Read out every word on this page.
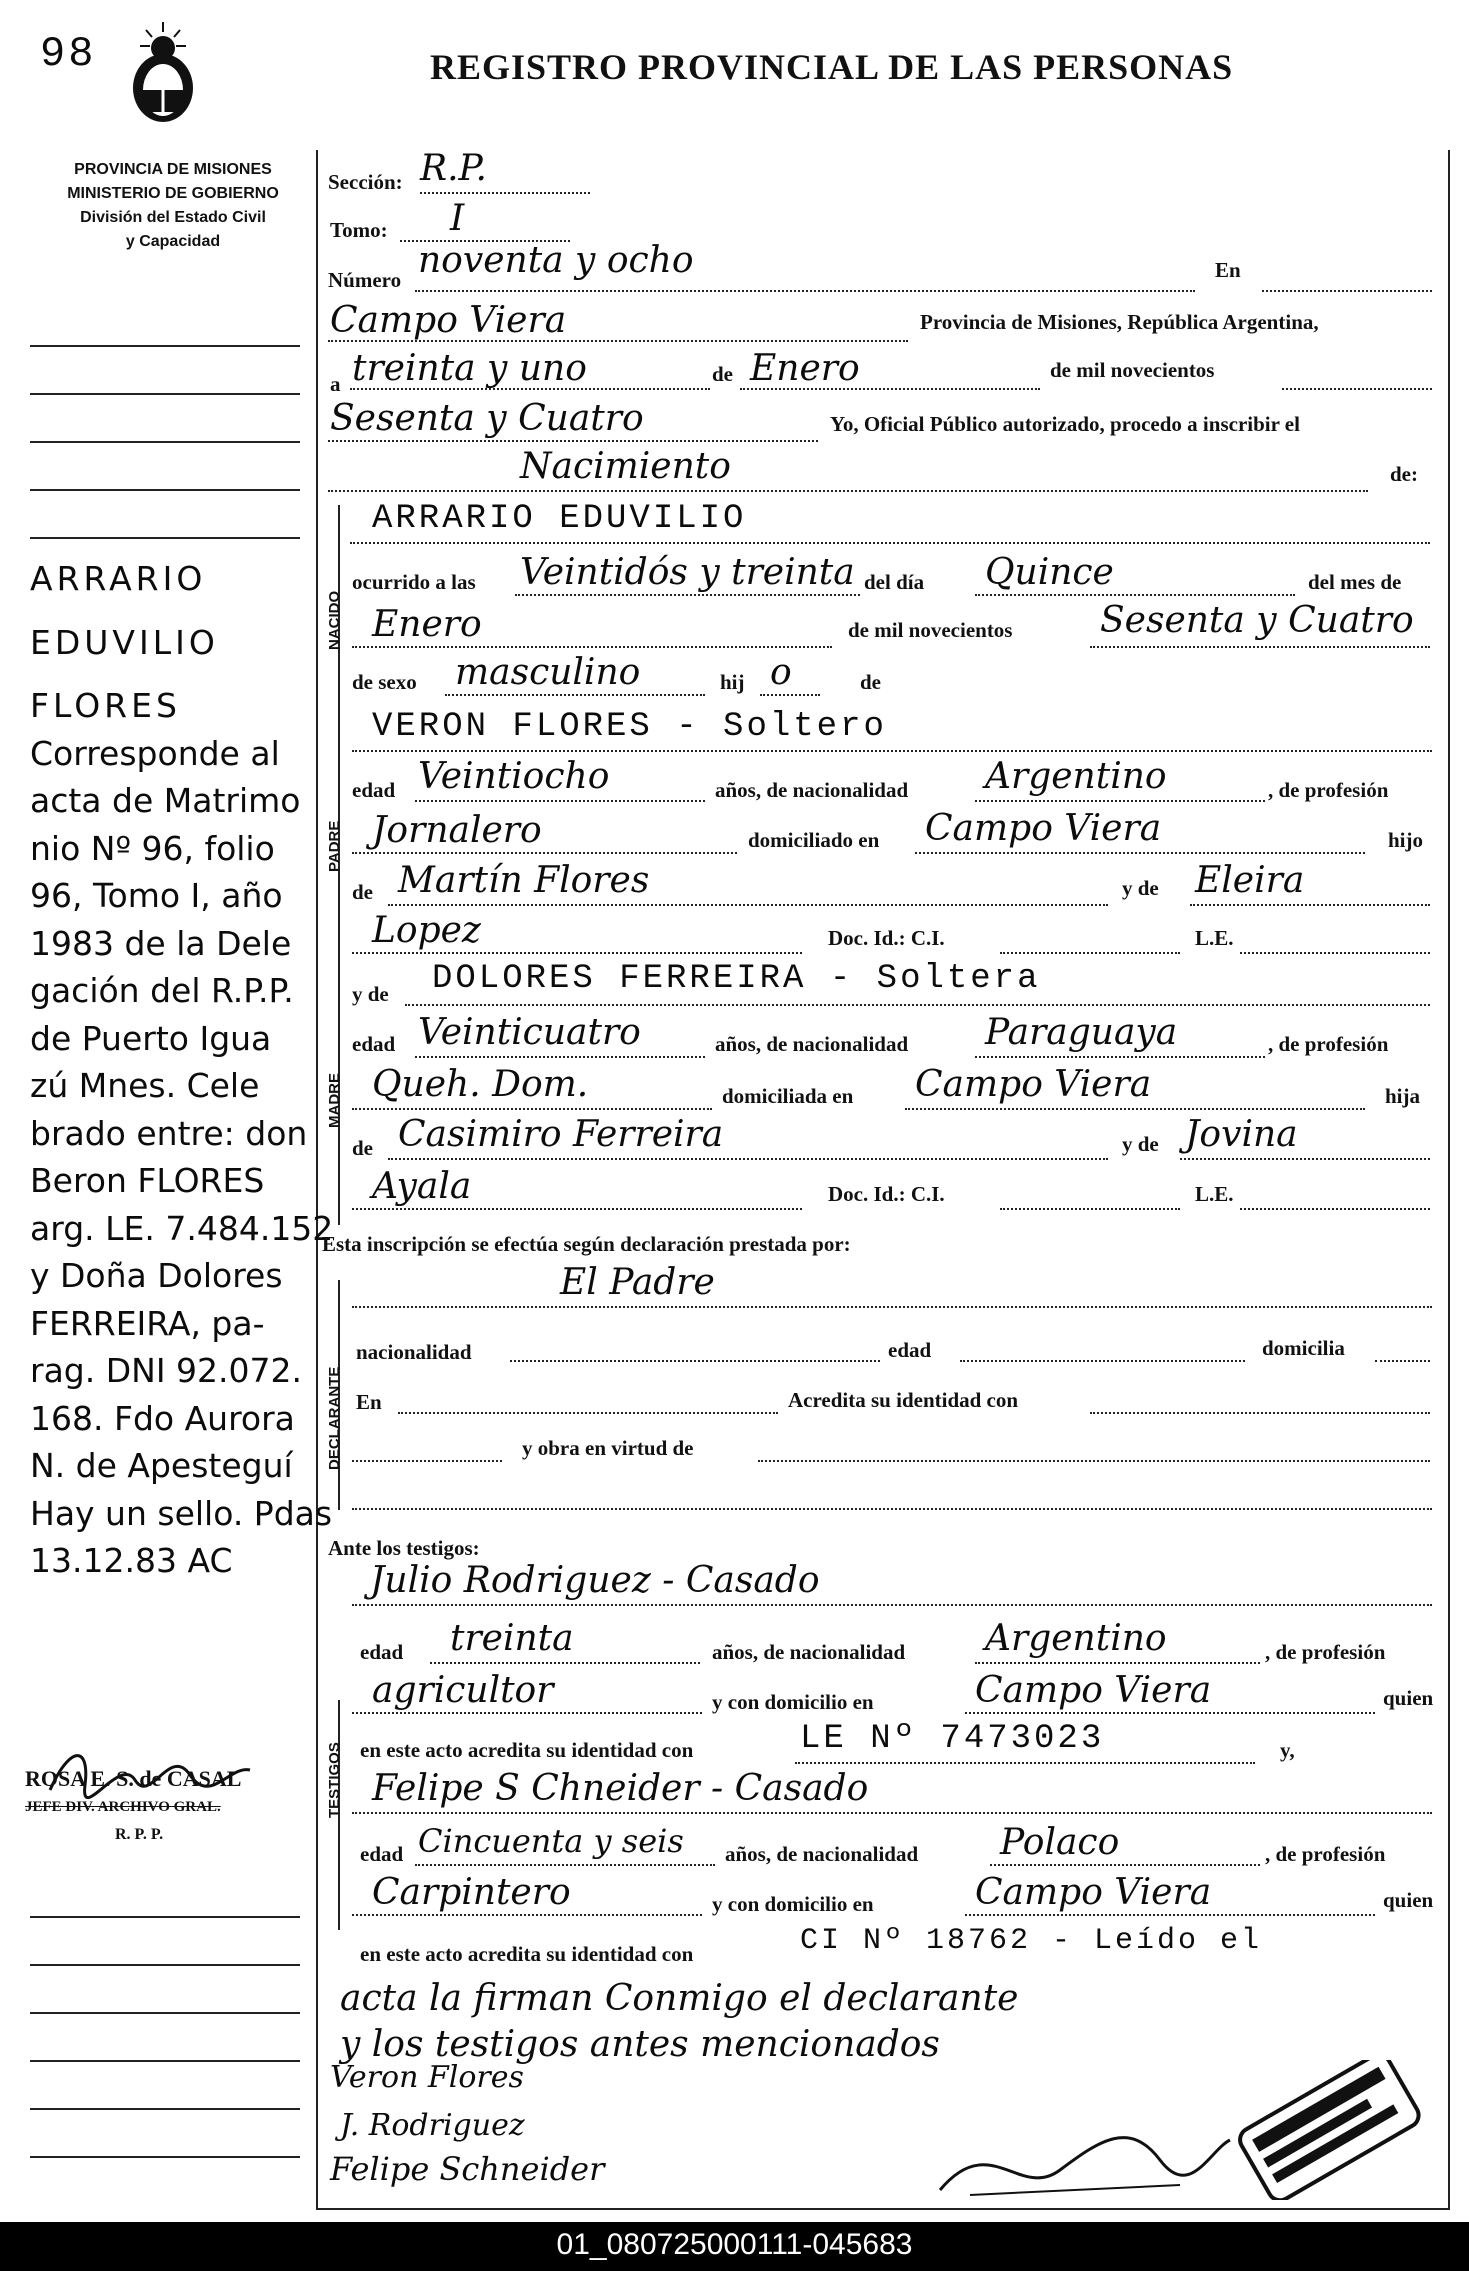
98	REGISTRO PROVINCIAL DE LAS PERSONAS
PROVINCIA DE MISIONES
MINISTERIO DE GOBIERNO
División del Estado Civil
y Capacidad
ARRARIO
EDUVILIO
FLORES
Corresponde al
acta de Matrimo
nio Nº 96, folio
96, Tomo I, año
1983 de la Dele
gación del R.P.P.
de Puerto Igua
zú Mnes. Cele
brado entre: don
Beron FLORES
arg. LE. 7.484.152
y Doña Dolores
FERREIRA, pa-
rag. DNI 92.072.
168. Fdo Aurora
N. de Apesteguí
Hay un sello. Pdas
13.12.83 AC
ROSA E. S. de CASAL
JEFE DIV. ARCHIVO GRAL.
R. P. P.
NACIDO
PADRE
MADRE
DECLARANTE
TESTIGOS
Sección: R.P.
Tomo: I
Número noventa y ocho	En
Campo Viera	Provincia de Misiones, República Argentina,
a treinta y uno	de Enero	de mil novecientos
Sesenta y Cuatro	Yo, Oficial Público autorizado, procedo a inscribir el
Nacimiento	de:
ARRARIO EDUVILIO
ocurrido a las Veintidós y treinta del día Quince	del mes de
Enero	de mil novecientos Sesenta y Cuatro
de sexo masculino	hij o	de
VERON FLORES - Soltero
edad Veintiocho	años, de nacionalidad Argentino	, de profesión
Jornalero	domiciliado en Campo Viera	hijo
de Martín Flores	y de Eleira
Lopez	Doc. Id.: C.I.	L.E.
y de DOLORES FERREIRA - Soltera
edad Veinticuatro	años, de nacionalidad Paraguaya	, de profesión
Queh. Dom.	domiciliada en Campo Viera	hija
de Casimiro Ferreira	y de Jovina
Ayala	Doc. Id.: C.I.	L.E.
Esta inscripción se efectúa según declaración prestada por:
El Padre
nacionalidad	edad	domicilia
En	Acredita su identidad con
y obra en virtud de
Ante los testigos:
Julio Rodriguez - Casado
edad treinta	años, de nacionalidad Argentino	, de profesión
agricultor	y con domicilio en	Campo Viera	quien
en este acto acredita su identidad con	LE Nº 7473023	y,
Felipe S Chneider - Casado
edad Cincuenta y seis años, de nacionalidad Polaco	, de profesión
Carpintero	y con domicilio en	Campo Viera	quien
en este acto acredita su identidad con	CI Nº 18762 - Leído el
acta la firman Conmigo el declarante
y los testigos antes mencionados
Veron Flores
J. Rodriguez
Felipe Schneider
01_080725000111-045683
